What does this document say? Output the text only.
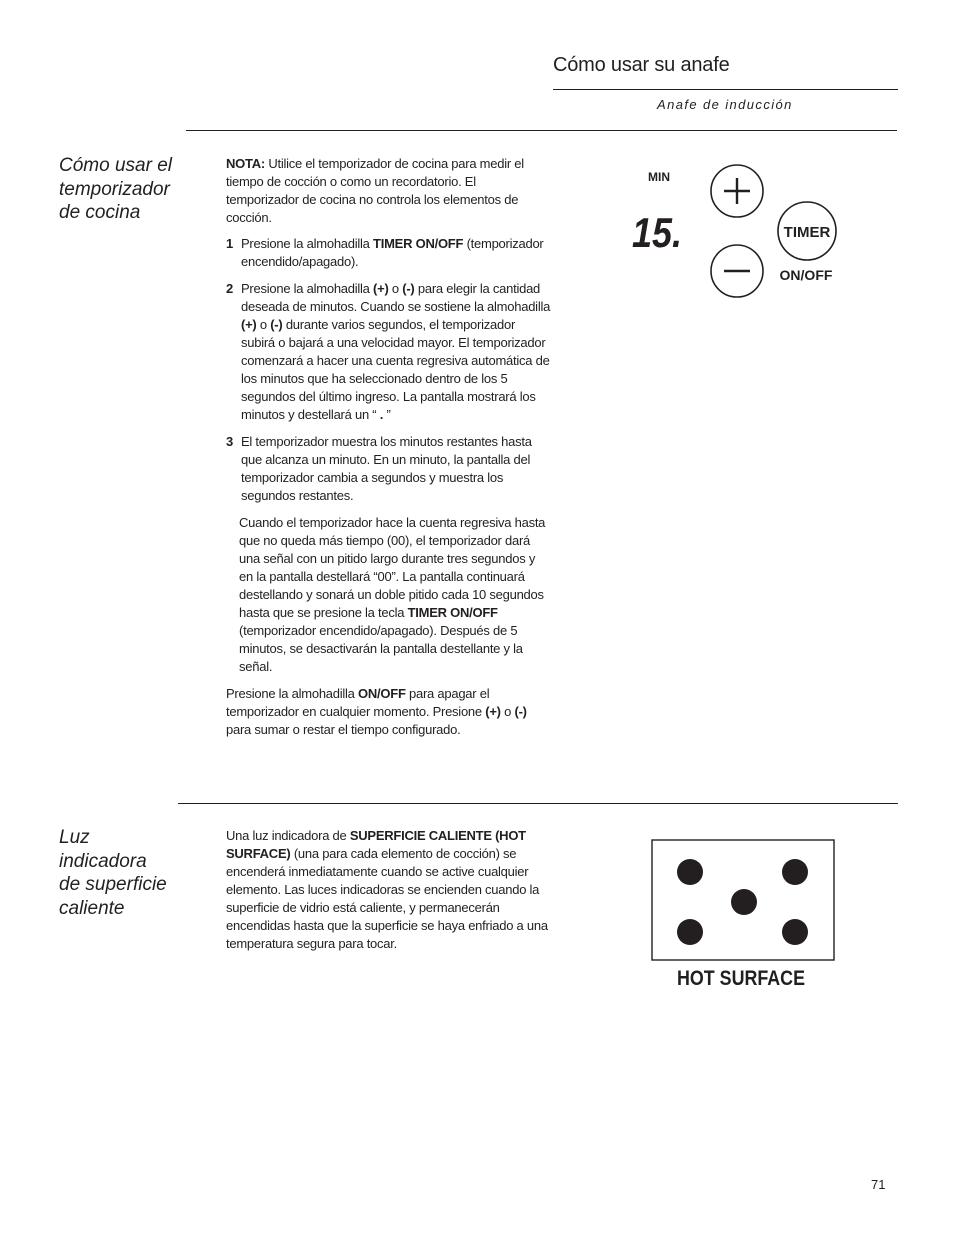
Cómo usar su anafe
Anafe de inducción
Cómo usar el
temporizador
de cocina

NOTA: Utilice el temporizador de cocina para medir el tiempo de cocción o como un recordatorio. El temporizador de cocina no controla los elementos de cocción.

1 Presione la almohadilla TIMER ON/OFF (temporizador encendido/apagado).
2 Presione la almohadilla (+) o (-) para elegir la cantidad deseada de minutos. Cuando se sostiene la almohadilla (+) o (-) durante varios segundos, el temporizador subirá o bajará a una velocidad mayor. El temporizador comenzará a hacer una cuenta regresiva automática de los minutos que ha seleccionado dentro de los 5 segundos del último ingreso. La pantalla mostrará los minutos y destellará un “ . ”
3 El temporizador muestra los minutos restantes hasta que alcanza un minuto. En un minuto, la pantalla del temporizador cambia a segundos y muestra los segundos restantes.

Cuando el temporizador hace la cuenta regresiva hasta que no queda más tiempo (00), el temporizador dará una señal con un pitido largo durante tres segundos y en la pantalla destellará “00”. La pantalla continuará destellando y sonará un doble pitido cada 10 segundos hasta que se presione la tecla TIMER ON/OFF (temporizador encendido/apagado). Después de 5 minutos, se desactivarán la pantalla destellante y la señal.

Presione la almohadilla ON/OFF para apagar el temporizador en cualquier momento. Presione (+) o (-) para sumar o restar el tiempo configurado.

MIN
15.	TIMER
ON/OFF
Luz
indicadora
de superficie
caliente

Una luz indicadora de SUPERFICIE CALIENTE (HOT SURFACE) (una para cada elemento de cocción) se encenderá inmediatamente cuando se active cualquier elemento. Las luces indicadoras se encienden cuando la superficie de vidrio está caliente, y permanecerán encendidas hasta que la superficie se haya enfriado a una temperatura segura para tocar.

HOT SURFACE
71
